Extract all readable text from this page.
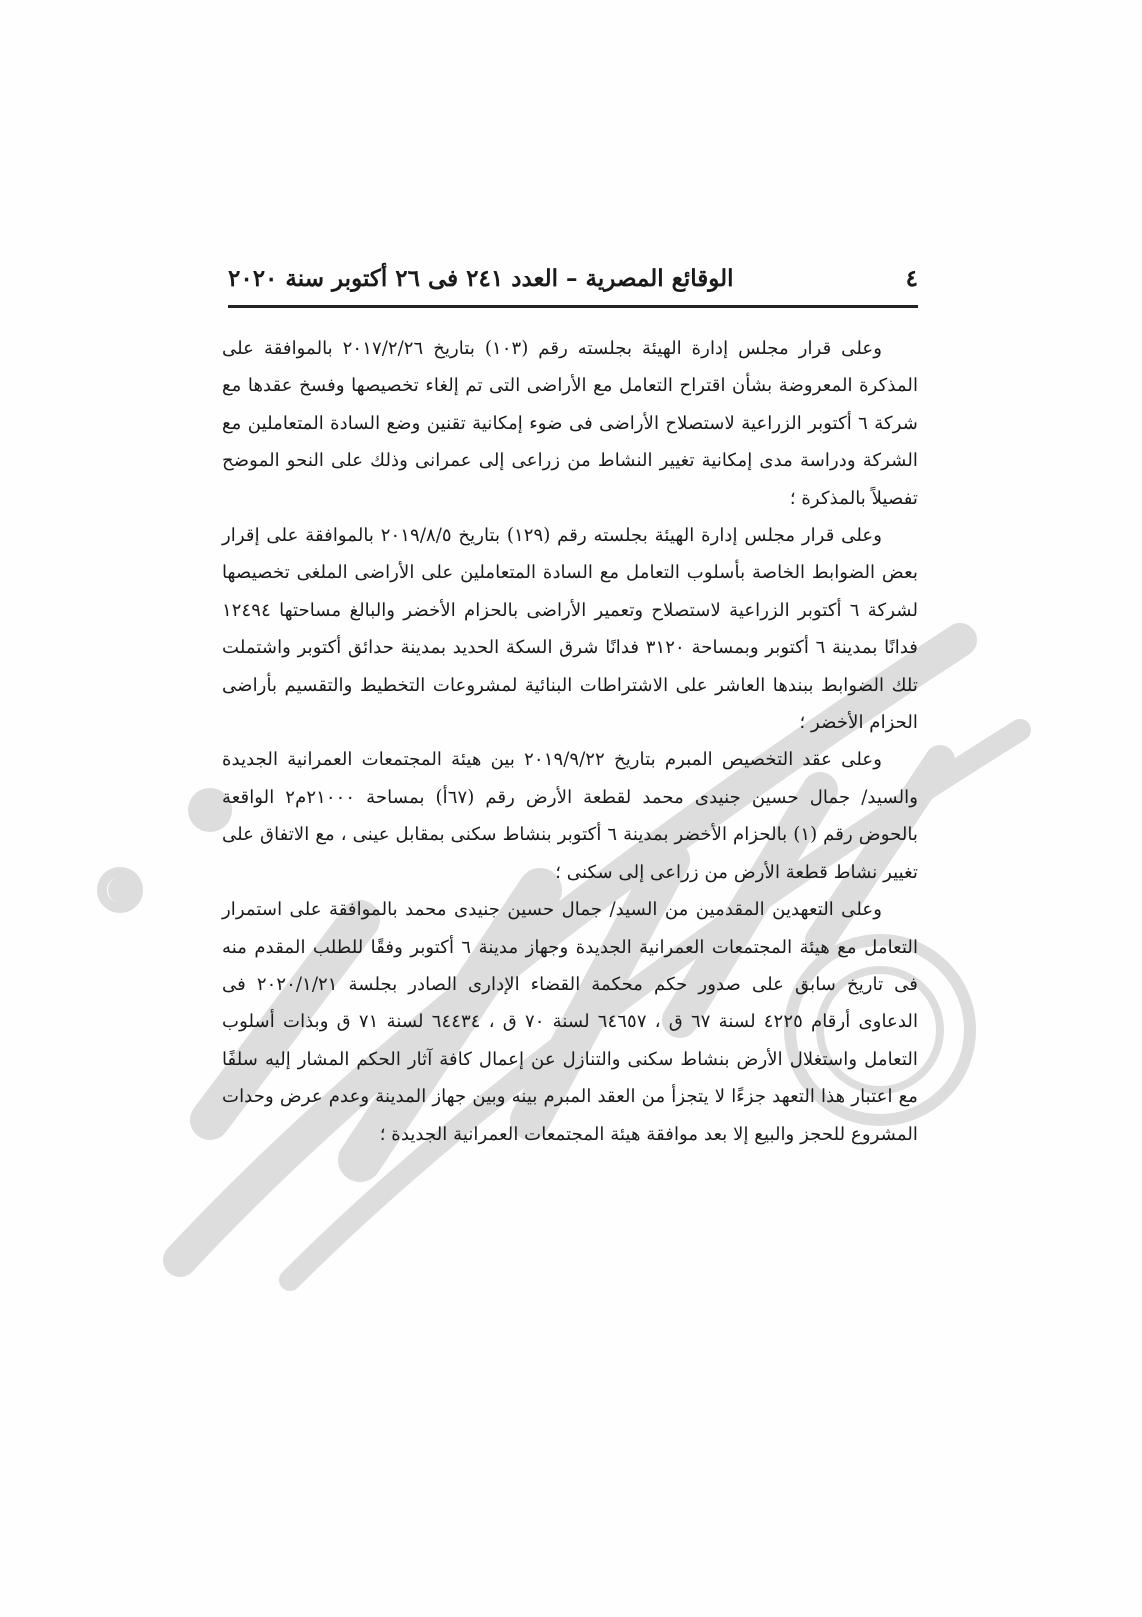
٤
الوقائع المصرية – العدد ٢٤١ فى ٢٦ أكتوبر سنة ٢٠٢٠

وعلى قرار مجلس إدارة الهيئة بجلسته رقم (١٠٣) بتاريخ ٢٠١٧/٢/٢٦ بالموافقة على المذكرة المعروضة بشأن اقتراح التعامل مع الأراضى التى تم إلغاء تخصيصها وفسخ عقدها مع شركة ٦ أكتوبر الزراعية لاستصلاح الأراضى فى ضوء إمكانية تقنين وضع السادة المتعاملين مع الشركة ودراسة مدى إمكانية تغيير النشاط من زراعى إلى عمرانى وذلك على النحو الموضح تفصيلاً بالمذكرة ؛

وعلى قرار مجلس إدارة الهيئة بجلسته رقم (١٢٩) بتاريخ ٢٠١٩/٨/٥ بالموافقة على إقرار بعض الضوابط الخاصة بأسلوب التعامل مع السادة المتعاملين على الأراضى الملغى تخصيصها لشركة ٦ أكتوبر الزراعية لاستصلاح وتعمير الأراضى بالحزام الأخضر والبالغ مساحتها ١٢٤٩٤ فدانًا بمدينة ٦ أكتوبر وبمساحة ٣١٢٠ فدانًا شرق السكة الحديد بمدينة حدائق أكتوبر واشتملت تلك الضوابط ببندها العاشر على الاشتراطات البنائية لمشروعات التخطيط والتقسيم بأراضى الحزام الأخضر ؛

وعلى عقد التخصيص المبرم بتاريخ ٢٠١٩/٩/٢٢ بين هيئة المجتمعات العمرانية الجديدة والسيد/ جمال حسين جنيدى محمد لقطعة الأرض رقم (٦٧أ) بمساحة ٢١٠٠٠م٢ الواقعة بالحوض رقم (١) بالحزام الأخضر بمدينة ٦ أكتوبر بنشاط سكنى بمقابل عينى ، مع الاتفاق على تغيير نشاط قطعة الأرض من زراعى إلى سكنى ؛

وعلى التعهدين المقدمين من السيد/ جمال حسين جنيدى محمد بالموافقة على استمرار التعامل مع هيئة المجتمعات العمرانية الجديدة وجهاز مدينة ٦ أكتوبر وفقًا للطلب المقدم منه فى تاريخ سابق على صدور حكم محكمة القضاء الإدارى الصادر بجلسة ٢٠٢٠/١/٢١ فى الدعاوى أرقام ٤٢٢٥ لسنة ٦٧ ق ، ٦٤٦٥٧ لسنة ٧٠ ق ، ٦٤٤٣٤ لسنة ٧١ ق وبذات أسلوب التعامل واستغلال الأرض بنشاط سكنى والتنازل عن إعمال كافة آثار الحكم المشار إليه سلفًا مع اعتبار هذا التعهد جزءًا لا يتجزأ من العقد المبرم بينه وبين جهاز المدينة وعدم عرض وحدات المشروع للحجز والبيع إلا بعد موافقة هيئة المجتمعات العمرانية الجديدة ؛
